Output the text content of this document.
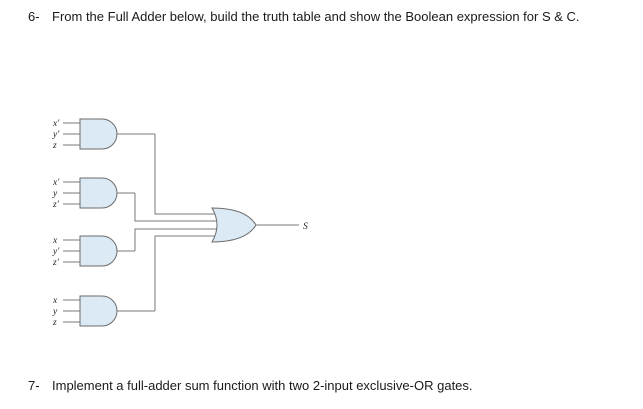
6- From the Full Adder below, build the truth table and show the Boolean expression for S & C.
x'
y'
z
x'
y
z'
x
y'
z'
x
y
z
S
7- Implement a full-adder sum function with two 2-input exclusive-OR gates.
